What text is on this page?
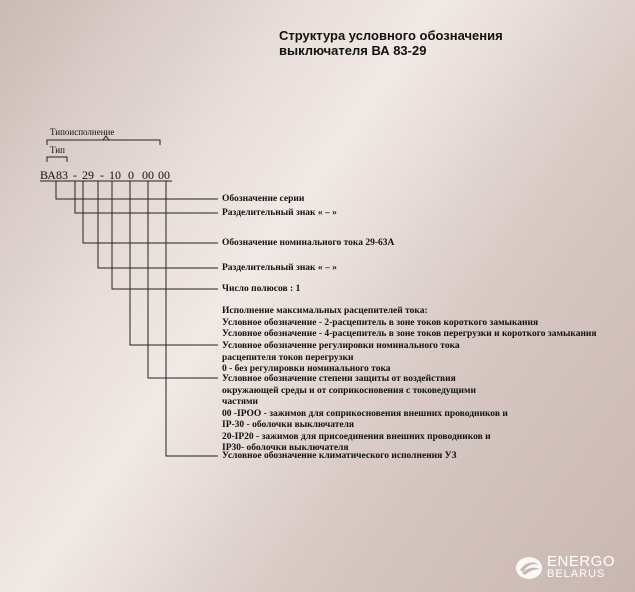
Структура условного обозначения
выключателя ВА 83-29
Типоисполнение
Тип
ВА 83 - 29 - 10 0 00 00
Обозначение серии
Разделительный знак « – »
Обозначение номинального тока 29-63А
Разделительный знак « – »
Число полюсов : 1
Исполнение максимальных расцепителей тока:
Условное обозначение - 2-расцепитель в зоне токов короткого замыкания
Условное обозначение - 4-расцепитель в зоне токов перегрузки и короткого замыкания
Условное обозначение регулировки номинального тока
расцепителя токов перегрузки
0 - без регулировки номинального тока
Условное обозначение степени защиты от воздействия
окружающей среды и от соприкосновения с токоведущими
частями
00 -IPOO - зажимов для соприкосновения внешних проводников и
IP-30 - оболочки выключателя
20-IP20 - зажимов для присоединения внешних проводников и
IP30- оболочки выключателя
Условное обозначение климатического исполнения УЗ
ENERGO
BELARUS
